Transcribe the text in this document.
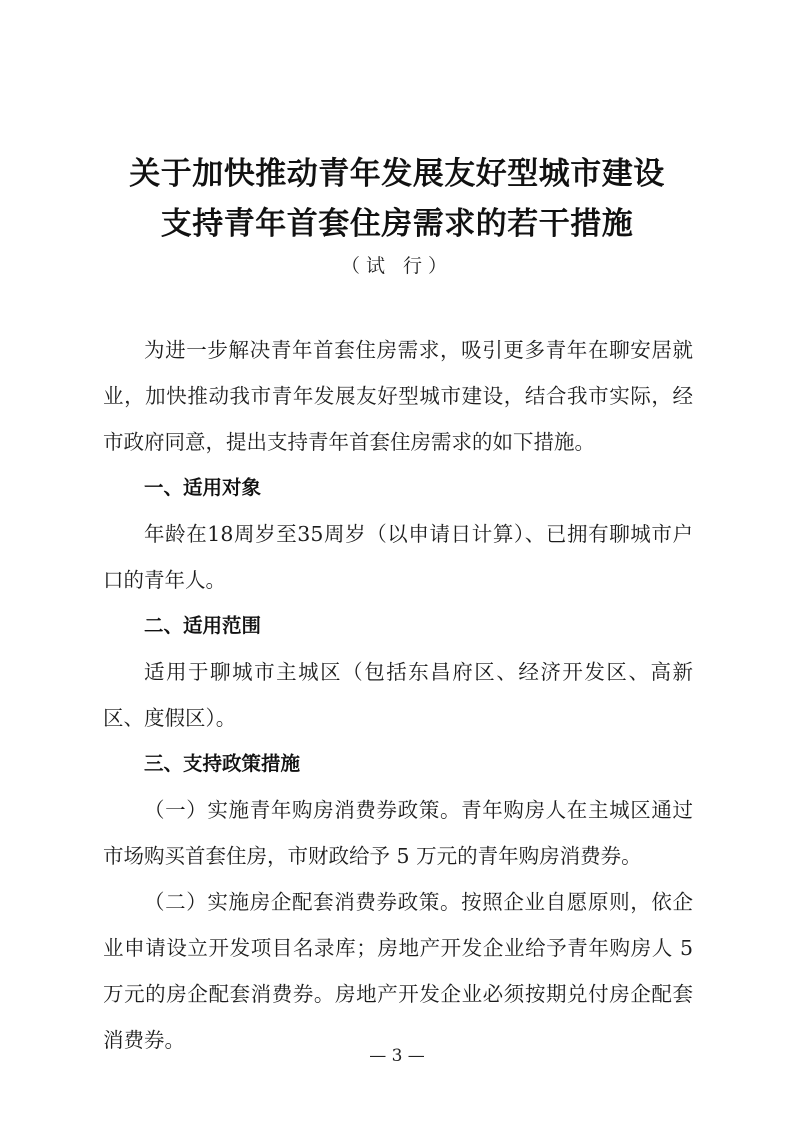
关于加快推动青年发展友好型城市建设
支持青年首套住房需求的若干措施
（试 行）

为进一步解决青年首套住房需求，吸引更多青年在聊安居就业，加快推动我市青年发展友好型城市建设，结合我市实际，经市政府同意，提出支持青年首套住房需求的如下措施。

一、适用对象

年龄在18周岁至35周岁（以申请日计算）、已拥有聊城市户口的青年人。

二、适用范围

适用于聊城市主城区（包括东昌府区、经济开发区、高新区、度假区）。

三、支持政策措施

（一）实施青年购房消费券政策。青年购房人在主城区通过市场购买首套住房，市财政给予 5 万元的青年购房消费券。

（二）实施房企配套消费券政策。按照企业自愿原则，依企业申请设立开发项目名录库；房地产开发企业给予青年购房人 5 万元的房企配套消费券。房地产开发企业必须按期兑付房企配套消费券。

— 3 —
